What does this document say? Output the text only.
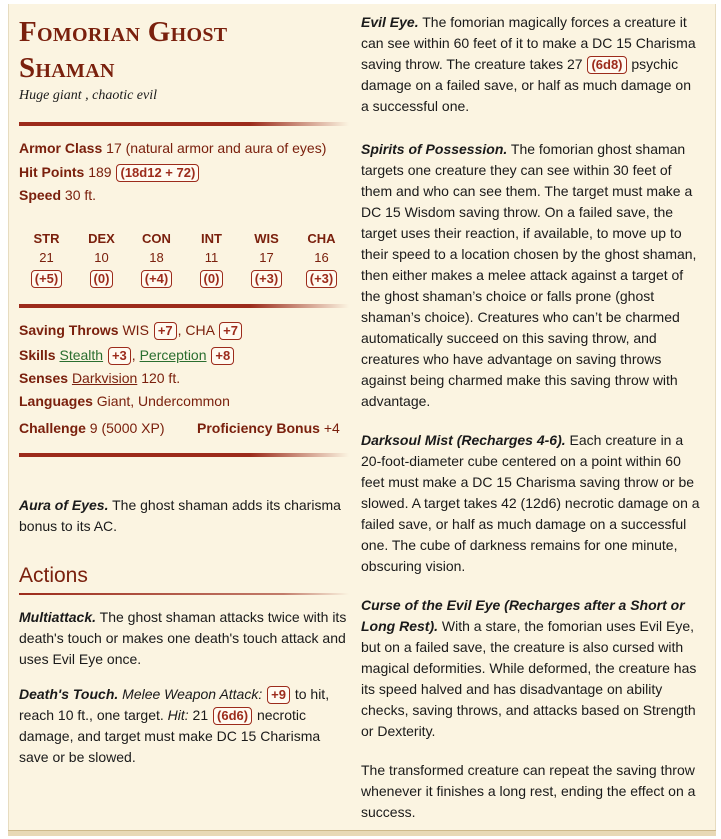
Fomorian Ghost
Shaman
Huge giant , chaotic evil
Armor Class 17 (natural armor and aura of eyes)
Hit Points 189 (18d12 + 72)
Speed 30 ft.
STR
21
(+5)
DEX
10
(0)
CON
18
(+4)
INT
11
(0)
WIS
17
(+3)
CHA
16
(+3)
Saving Throws WIS +7 , CHA +7
Skills Stealth +3 , Perception +8
Senses Darkvision 120 ft.
Languages Giant, Undercommon
Challenge 9 (5000 XP)	Proficiency Bonus +4
Aura of Eyes. The ghost shaman adds its charisma bonus to its AC.
Actions
Multiattack. The ghost shaman attacks twice with its death's touch or makes one death's touch attack and uses Evil Eye once.
Death's Touch. Melee Weapon Attack: +9 to hit, reach 10 ft., one target. Hit: 21 (6d6) necrotic damage, and target must make DC 15 Charisma save or be slowed.
Evil Eye. The fomorian magically forces a creature it can see within 60 feet of it to make a DC 15 Charisma saving throw. The creature takes 27 (6d8) psychic damage on a failed save, or half as much damage on a successful one.
Spirits of Possession. The fomorian ghost shaman targets one creature they can see within 30 feet of them and who can see them. The target must make a DC 15 Wisdom saving throw. On a failed save, the target uses their reaction, if available, to move up to their speed to a location chosen by the ghost shaman, then either makes a melee attack against a target of the ghost shaman’s choice or falls prone (ghost shaman’s choice). Creatures who can’t be charmed automatically succeed on this saving throw, and creatures who have advantage on saving throws against being charmed make this saving throw with advantage.
Darksoul Mist (Recharges 4-6). Each creature in a 20-foot-diameter cube centered on a point within 60 feet must make a DC 15 Charisma saving throw or be slowed. A target takes 42 (12d6) necrotic damage on a failed save, or half as much damage on a successful one. The cube of darkness remains for one minute, obscuring vision.
Curse of the Evil Eye (Recharges after a Short or Long Rest). With a stare, the fomorian uses Evil Eye, but on a failed save, the creature is also cursed with magical deformities. While deformed, the creature has its speed halved and has disadvantage on ability checks, saving throws, and attacks based on Strength or Dexterity.
The transformed creature can repeat the saving throw whenever it finishes a long rest, ending the effect on a success.
